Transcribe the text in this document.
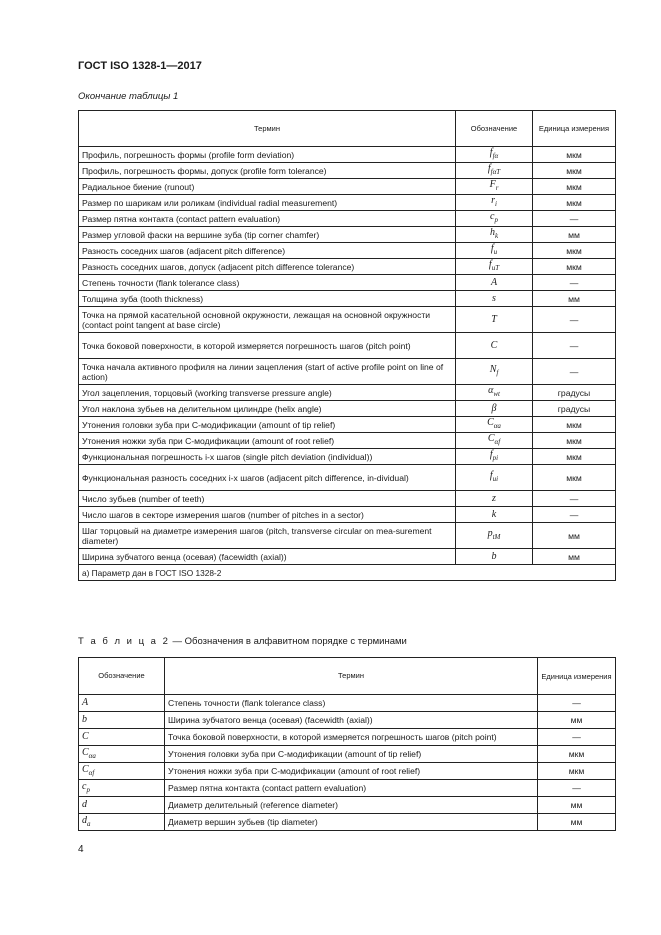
ГОСТ ISO 1328-1—2017
Окончание таблицы 1
Термин	Обозначение	Единица измерения
Профиль, погрешность формы (profile form deviation)	$f_{f\alpha}$	мкм
Профиль, погрешность формы, допуск (profile form tolerance)	$f_{f\alpha T}$	мкм
Радиальное биение (runout)	$F_r$	мкм
Размер по шарикам или роликам (individual radial measurement)	$r_i$	мкм
Размер пятна контакта (contact pattern evaluation)	$c_p$	—
Размер угловой фаски на вершине зуба (tip corner chamfer)	$h_k$	мм
Разность соседних шагов (adjacent pitch difference)	$f_u$	мкм
Разность соседних шагов, допуск (adjacent pitch difference tolerance)	$f_{uT}$	мкм
Степень точности (flank tolerance class)	A	—
Толщина зуба (tooth thickness)	s	мм
Точка на прямой касательной основной окружности, лежащая на основной окружности (contact point tangent at base circle)	T	—
Точка боковой поверхности, в которой измеряется погрешность шагов (pitch point)	C	—
Точка начала активного профиля на линии зацепления (start of active profile point on line of action)	$N_f$	—
Угол зацепления, торцовый (working transverse pressure angle)	$\alpha_{wt}$	градусы
Угол наклона зубьев на делительном цилиндре (helix angle)	β	градусы
Утонения головки зуба при С-модификации (amount of tip relief)	$C_{\alpha a}$	мкм
Утонения ножки зуба при С-модификации (amount of root relief)	$C_{\alpha f}$	мкм
Функциональная погрешность i-x шагов (single pitch deviation (individual))	$f_{pi}$	мкм
Функциональная разность соседних i-x шагов (adjacent pitch difference, in-dividual)	$f_{ui}$	мкм
Число зубьев (number of teeth)	z	—
Число шагов в секторе измерения шагов (number of pitches in a sector)	k	—
Шаг торцовый на диаметре измерения шагов (pitch, transverse circular on mea-surement diameter)	$p_{tM}$	мм
Ширина зубчатого венца (осевая) (facewidth (axial))	b	мм
а) Параметр дан в ГОСТ ISO 1328-2		
Т а б л и ц а 2 — Обозначения в алфавитном порядке с терминами
Обозначение	Термин	Единица измерения
A	Степень точности (flank tolerance class)	—
b	Ширина зубчатого венца (осевая) (facewidth (axial))	мм
C	Точка боковой поверхности, в которой измеряется погрешность шагов (pitch point)	—
$C_{\alpha a}$	Утонения головки зуба при С-модификации (amount of tip relief)	мкм
$C_{\alpha f}$	Утонения ножки зуба при С-модификации (amount of root relief)	мкм
$c_p$	Размер пятна контакта (contact pattern evaluation)	—
d	Диаметр делительный (reference diameter)	мм
$d_a$	Диаметр вершин зубьев (tip diameter)	мм
4
